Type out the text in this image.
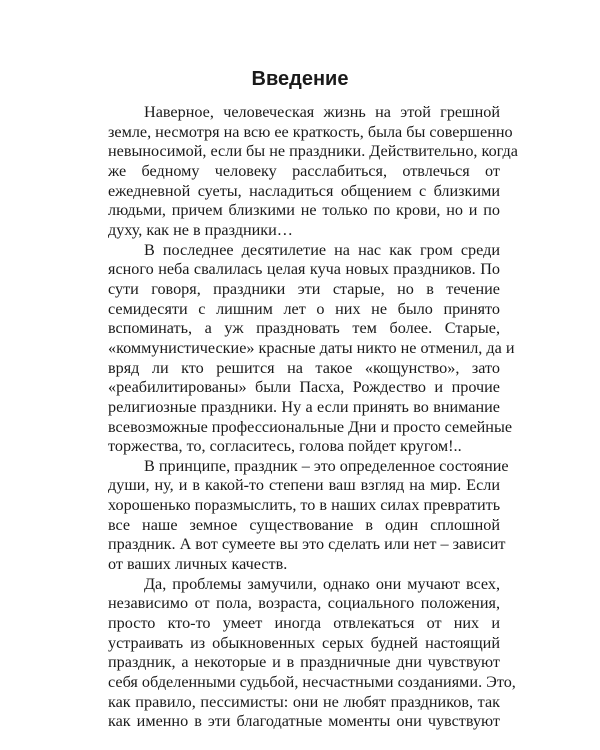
Введение

Наверное, человеческая жизнь на этой грешной
земле, несмотря на всю ее краткость, была бы совершенно
невыносимой, если бы не праздники. Действительно, когда
же бедному человеку расслабиться, отвлечься от
ежедневной суеты, насладиться общением с близкими
людьми, причем близкими не только по крови, но и по
духу, как не в праздники…

В последнее десятилетие на нас как гром среди
ясного неба свалилась целая куча новых праздников. По
сути говоря, праздники эти старые, но в течение
семидесяти с лишним лет о них не было принято
вспоминать, а уж праздновать тем более. Старые,
«коммунистические» красные даты никто не отменил, да и
вряд ли кто решится на такое «кощунство», зато
«реабилитированы» были Пасха, Рождество и прочие
религиозные праздники. Ну а если принять во внимание
всевозможные профессиональные Дни и просто семейные
торжества, то, согласитесь, голова пойдет кругом!..

В принципе, праздник – это определенное состояние
души, ну, и в какой-то степени ваш взгляд на мир. Если
хорошенько поразмыслить, то в наших силах превратить
все наше земное существование в один сплошной
праздник. А вот сумеете вы это сделать или нет – зависит
от ваших личных качеств.

Да, проблемы замучили, однако они мучают всех,
независимо от пола, возраста, социального положения,
просто кто-то умеет иногда отвлекаться от них и
устраивать из обыкновенных серых будней настоящий
праздник, а некоторые и в праздничные дни чувствуют
себя обделенными судьбой, несчастными созданиями. Это,
как правило, пессимисты: они не любят праздников, так
как именно в эти благодатные моменты они чувствуют
